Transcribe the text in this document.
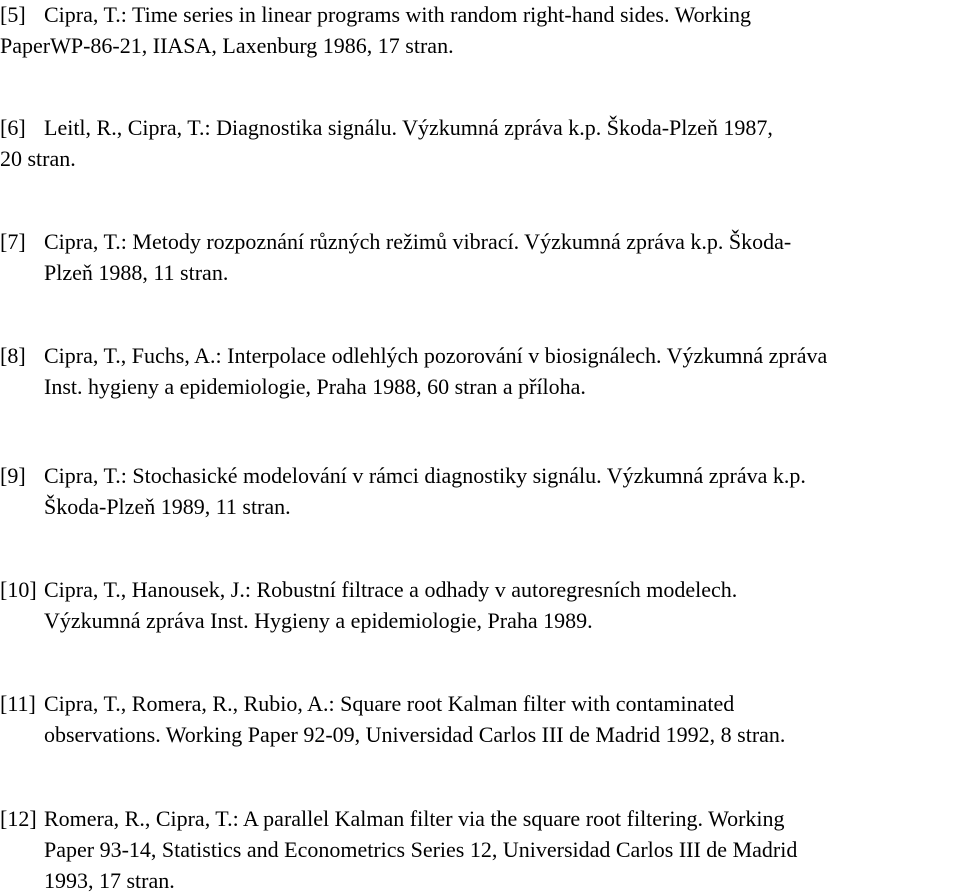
[5] Cipra, T.: Time series in linear programs with random right-hand sides. Working
PaperWP-86-21, IIASA, Laxenburg 1986, 17 stran.
[6] Leitl, R., Cipra, T.: Diagnostika signálu. Výzkumná zpráva k.p. Škoda-Plzeň 1987,
20 stran.
[7] Cipra, T.: Metody rozpoznání různých režimů vibrací. Výzkumná zpráva k.p. Škoda-
Plzeň 1988, 11 stran.
[8] Cipra, T., Fuchs, A.: Interpolace odlehlých pozorování v biosignálech. Výzkumná zpráva
Inst. hygieny a epidemiologie, Praha 1988, 60 stran a příloha.
[9] Cipra, T.: Stochasické modelování v rámci diagnostiky signálu. Výzkumná zpráva k.p.
Škoda-Plzeň 1989, 11 stran.
[10] Cipra, T., Hanousek, J.: Robustní filtrace a odhady v autoregresních modelech.
Výzkumná zpráva Inst. Hygieny a epidemiologie, Praha 1989.
[11] Cipra, T., Romera, R., Rubio, A.: Square root Kalman filter with contaminated
observations. Working Paper 92-09, Universidad Carlos III de Madrid 1992, 8 stran.
[12] Romera, R., Cipra, T.: A parallel Kalman filter via the square root filtering. Working
Paper 93-14, Statistics and Econometrics Series 12, Universidad Carlos III de Madrid
1993, 17 stran.
